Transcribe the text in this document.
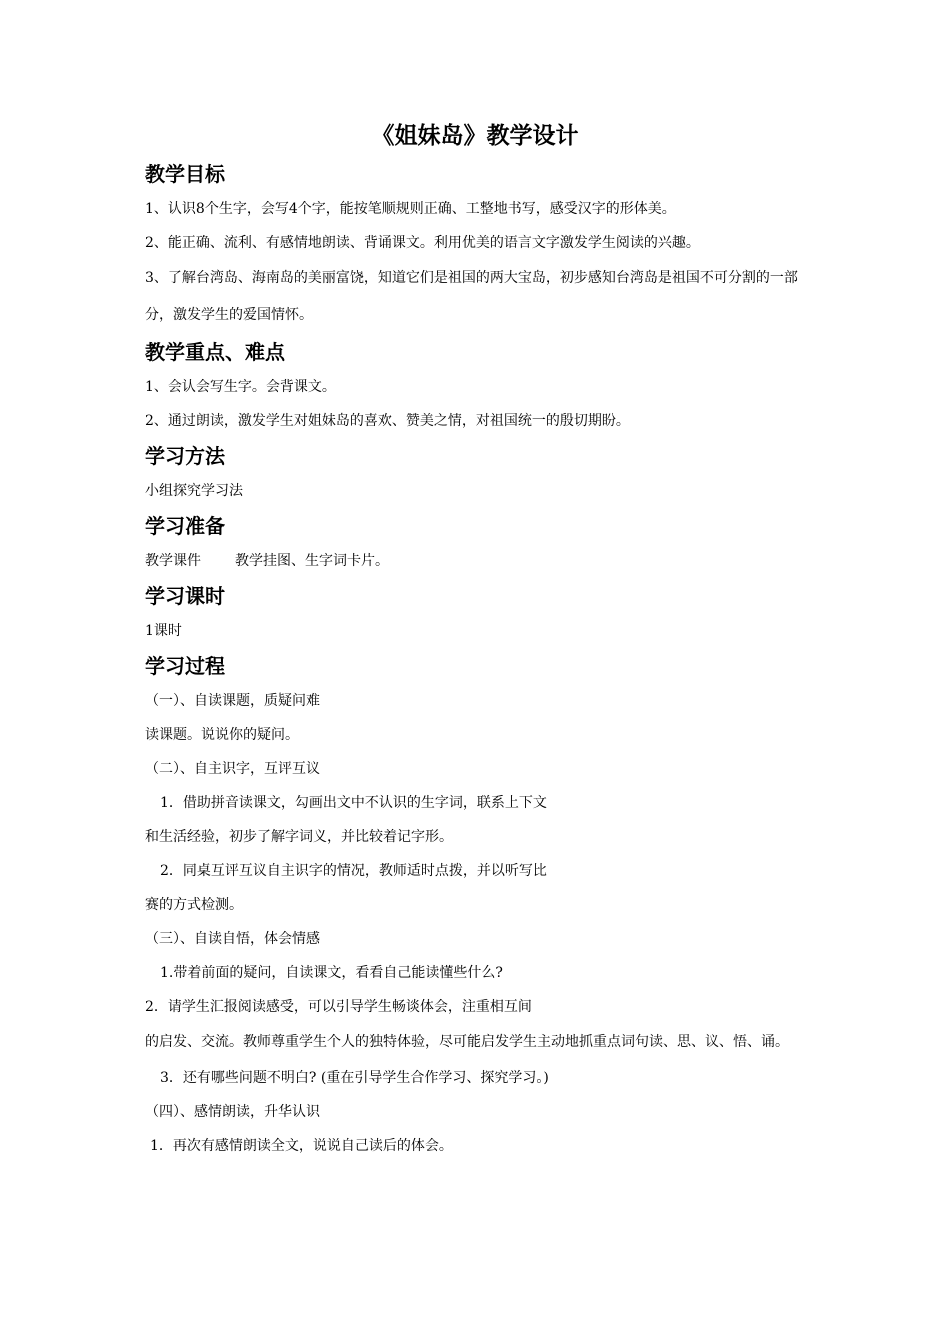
《姐妹岛》教学设计
教学目标
1、认识8个生字，会写4个字，能按笔顺规则正确、工整地书写，感受汉字的形体美。
2、能正确、流利、有感情地朗读、背诵课文。利用优美的语言文字激发学生阅读的兴趣。
3、了解台湾岛、海南岛的美丽富饶，知道它们是祖国的两大宝岛，初步感知台湾岛是祖国不可分割的一部分，激发学生的爱国情怀。
教学重点、难点
1、会认会写生字。会背课文。
2、通过朗读，激发学生对姐妹岛的喜欢、赞美之情，对祖国统一的殷切期盼。
学习方法
小组探究学习法
学习准备
教学课件 教学挂图、生字词卡片。
学习课时
1课时
学习过程
（一）、自读课题，质疑问难
读课题。说说你的疑问。
（二）、自主识字，互评互议
1．借助拼音读课文，勾画出文中不认识的生字词，联系上下文
和生活经验，初步了解字词义，并比较着记字形。
2．同桌互评互议自主识字的情况，教师适时点拨，并以听写比
赛的方式检测。
（三）、自读自悟，体会情感
1.带着前面的疑问，自读课文，看看自己能读懂些什么?
2．请学生汇报阅读感受，可以引导学生畅谈体会，注重相互间
的启发、交流。教师尊重学生个人的独特体验，尽可能启发学生主动地抓重点词句读、思、议、悟、诵。
3．还有哪些问题不明白? (重在引导学生合作学习、探究学习。)
（四）、感情朗读，升华认识
1．再次有感情朗读全文，说说自己读后的体会。
